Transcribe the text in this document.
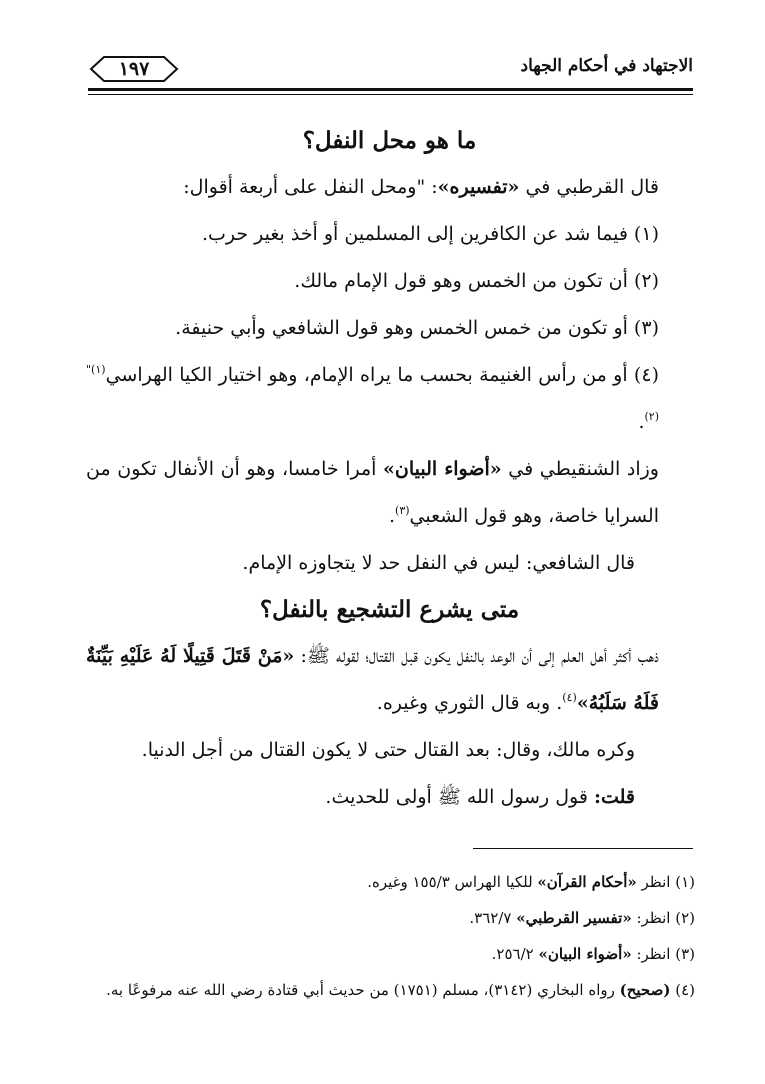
الاجتهاد في أحكام الجهاد
١٩٧
ما هو محل النفل؟

قال القرطبي في «تفسيره»: "ومحل النفل على أربعة أقوال:

(١) فيما شد عن الكافرين إلى المسلمين أو أخذ بغير حرب.

(٢) أن تكون من الخمس وهو قول الإمام مالك.

(٣) أو تكون من خمس الخمس وهو قول الشافعي وأبي حنيفة.

(٤) أو من رأس الغنيمة بحسب ما يراه الإمام، وهو اختيار الكيا الهراسي$^{(١)"(٢)}$.

وزاد الشنقيطي في «أضواء البيان» أمرا خامسا، وهو أن الأنفال تكون من السرايا خاصة، وهو قول الشعبي$^{(٣)}$.

قال الشافعي: ليس في النفل حد لا يتجاوزه الإمام.

متى يشرع التشجيع بالنفل؟

ذهب أكثر أهل العلم إلى أن الوعد بالنفل يكون قبل القتال؛ لقوله ﷺ: «مَنْ قَتَلَ قَتِيلًا لَهُ عَلَيْهِ بَيِّنَةٌ فَلَهُ سَلَبُهُ»$^{(٤)}$. وبه قال الثوري وغيره.

وكره مالك، وقال: بعد القتال حتى لا يكون القتال من أجل الدنيا.

قلت: قول رسول الله ﷺ أولى للحديث.

(١) انظر «أحكام القرآن» للكيا الهراس ١٥٥/٣ وغيره.

(٢) انظر: «تفسير القرطبي» ٣٦٢/٧.

(٣) انظر: «أضواء البيان» ٢٥٦/٢.

(٤) (صحيح) رواه البخاري (٣١٤٢)، مسلم (١٧٥١) من حديث أبي قتادة رضي الله عنه مرفوعًا به.
